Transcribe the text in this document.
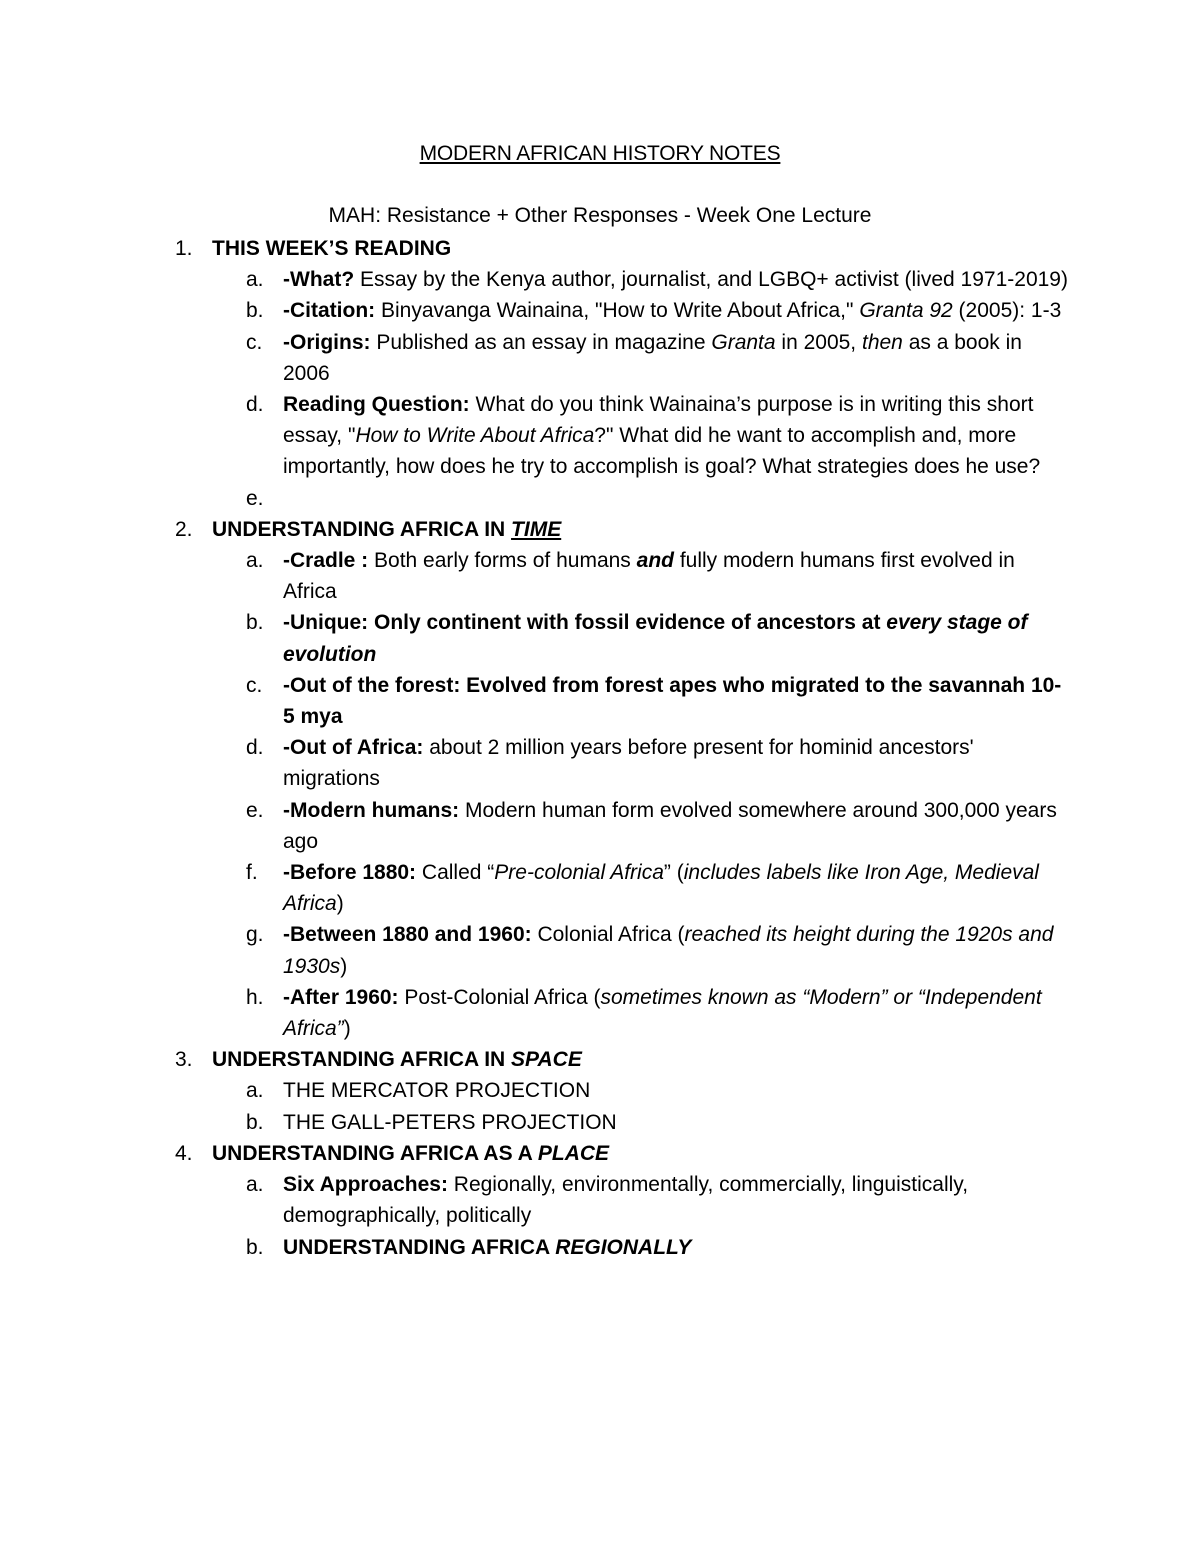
MODERN AFRICAN HISTORY NOTES
MAH: Resistance + Other Responses - Week One Lecture
1. THIS WEEK’S READING
a. -What? Essay by the Kenya author, journalist, and LGBQ+ activist (lived 1971-2019)
b. -Citation: Binyavanga Wainaina, "How to Write About Africa," Granta 92 (2005): 1-3
c. -Origins: Published as an essay in magazine Granta in 2005, then as a book in 2006
d. Reading Question: What do you think Wainaina’s purpose is in writing this short essay, "How to Write About Africa?" What did he want to accomplish and, more importantly, how does he try to accomplish is goal? What strategies does he use?
e.

2. UNDERSTANDING AFRICA IN TIME
a. -Cradle : Both early forms of humans and fully modern humans first evolved in Africa
b. -Unique: Only continent with fossil evidence of ancestors at every stage of evolution
c. -Out of the forest: Evolved from forest apes who migrated to the savannah 10-5 mya
d. -Out of Africa: about 2 million years before present for hominid ancestors' migrations
e. -Modern humans: Modern human form evolved somewhere around 300,000 years ago
f. -Before 1880: Called “Pre-colonial Africa” (includes labels like Iron Age, Medieval Africa)
g. -Between 1880 and 1960: Colonial Africa (reached its height during the 1920s and 1930s)
h. -After 1960: Post-Colonial Africa (sometimes known as “Modern” or “Independent Africa”)
3. UNDERSTANDING AFRICA IN SPACE
a. THE MERCATOR PROJECTION
b. THE GALL-PETERS PROJECTION
4. UNDERSTANDING AFRICA AS A PLACE
a. Six Approaches: Regionally, environmentally, commercially, linguistically, demographically, politically
b. UNDERSTANDING AFRICA REGIONALLY
